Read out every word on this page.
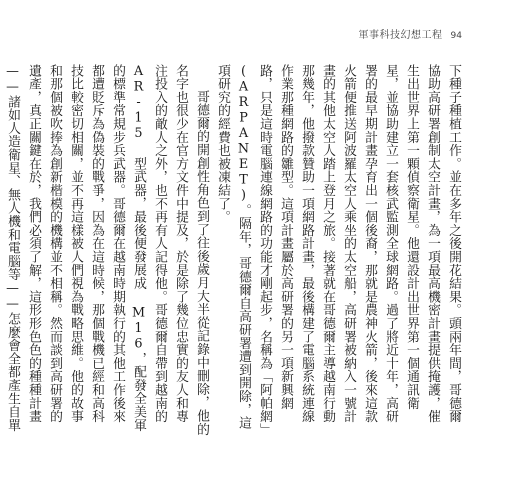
軍事科技幻想工程 94

下種子種植工作。並在多年之後開花結果。頭兩年間，哥德爾協助高研署創制太空計畫，為一項最高機密計畫提供掩護，催生出世界上第一顆偵察衛星。他還設計出世界第一個通訊衛星，並協助建立一套核武監測全球網路。過了將近十年，高研署的最早期計畫孕育出一個後裔，那就是農神火箭，後來這款火箭便推送阿波羅太空人乘坐的太空船，高研署被納入一號計畫的其他太空人踏上登月之旅。接著就在哥德爾主導越南行動那幾年，他撥款贊助一項網路計畫，最後構建了電腦系統連線作業那種網路的雛型。這項計畫屬於高研署的另一項新興網路，只是這時電腦連線網路的功能才剛起步，名稱為「阿帕網」(ARPANET)。隔年，哥德爾自高研署遭到開除，這項研究的經費也被凍結了。

哥德爾的開創性角色到了往後歲月大半從記錄中刪除，他的名字也很少在官方文件中提及，於是除了幾位忠實的友人和專注投入的敵人之外，也不再有人記得他。哥德爾自帶到越南的 AR-15 型武器，最後便發展成 M16，配發全美軍的標準常規步兵武器。哥德爾在越南時期執行的其他工作後來都遭貶斥為偽裝的戰爭，因為在這時候，那個戰機已經和高科技比較密切相關，並不再這樣被人們視為戰略思維。他的故事和那個被吹捧為創新楷模的機構並不相稱。然而談到高研署的遺產，真正關鍵在於，我們必須了解，這形形色色的種種計畫——諸如人造衛星、無人機和電腦等——怎麼會全都產生自單
